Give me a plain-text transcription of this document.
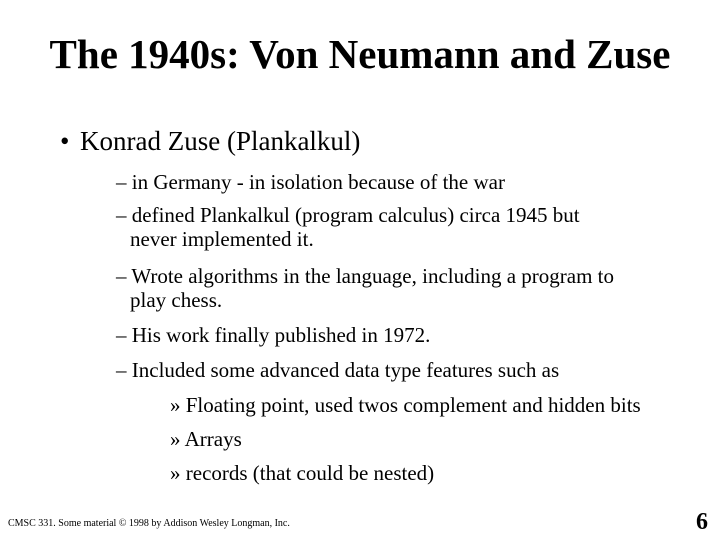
The 1940s: Von Neumann and Zuse
• Konrad Zuse (Plankalkul)
– in Germany - in isolation because of the war
– defined Plankalkul (program calculus) circa 1945 but
never implemented it.
– Wrote algorithms in the language, including a program to
play chess.
– His work finally published in 1972.
– Included some advanced data type features such as
» Floating point, used twos complement and hidden bits
» Arrays
» records (that could be nested)
CMSC 331. Some material © 1998 by Addison Wesley Longman, Inc.	6
